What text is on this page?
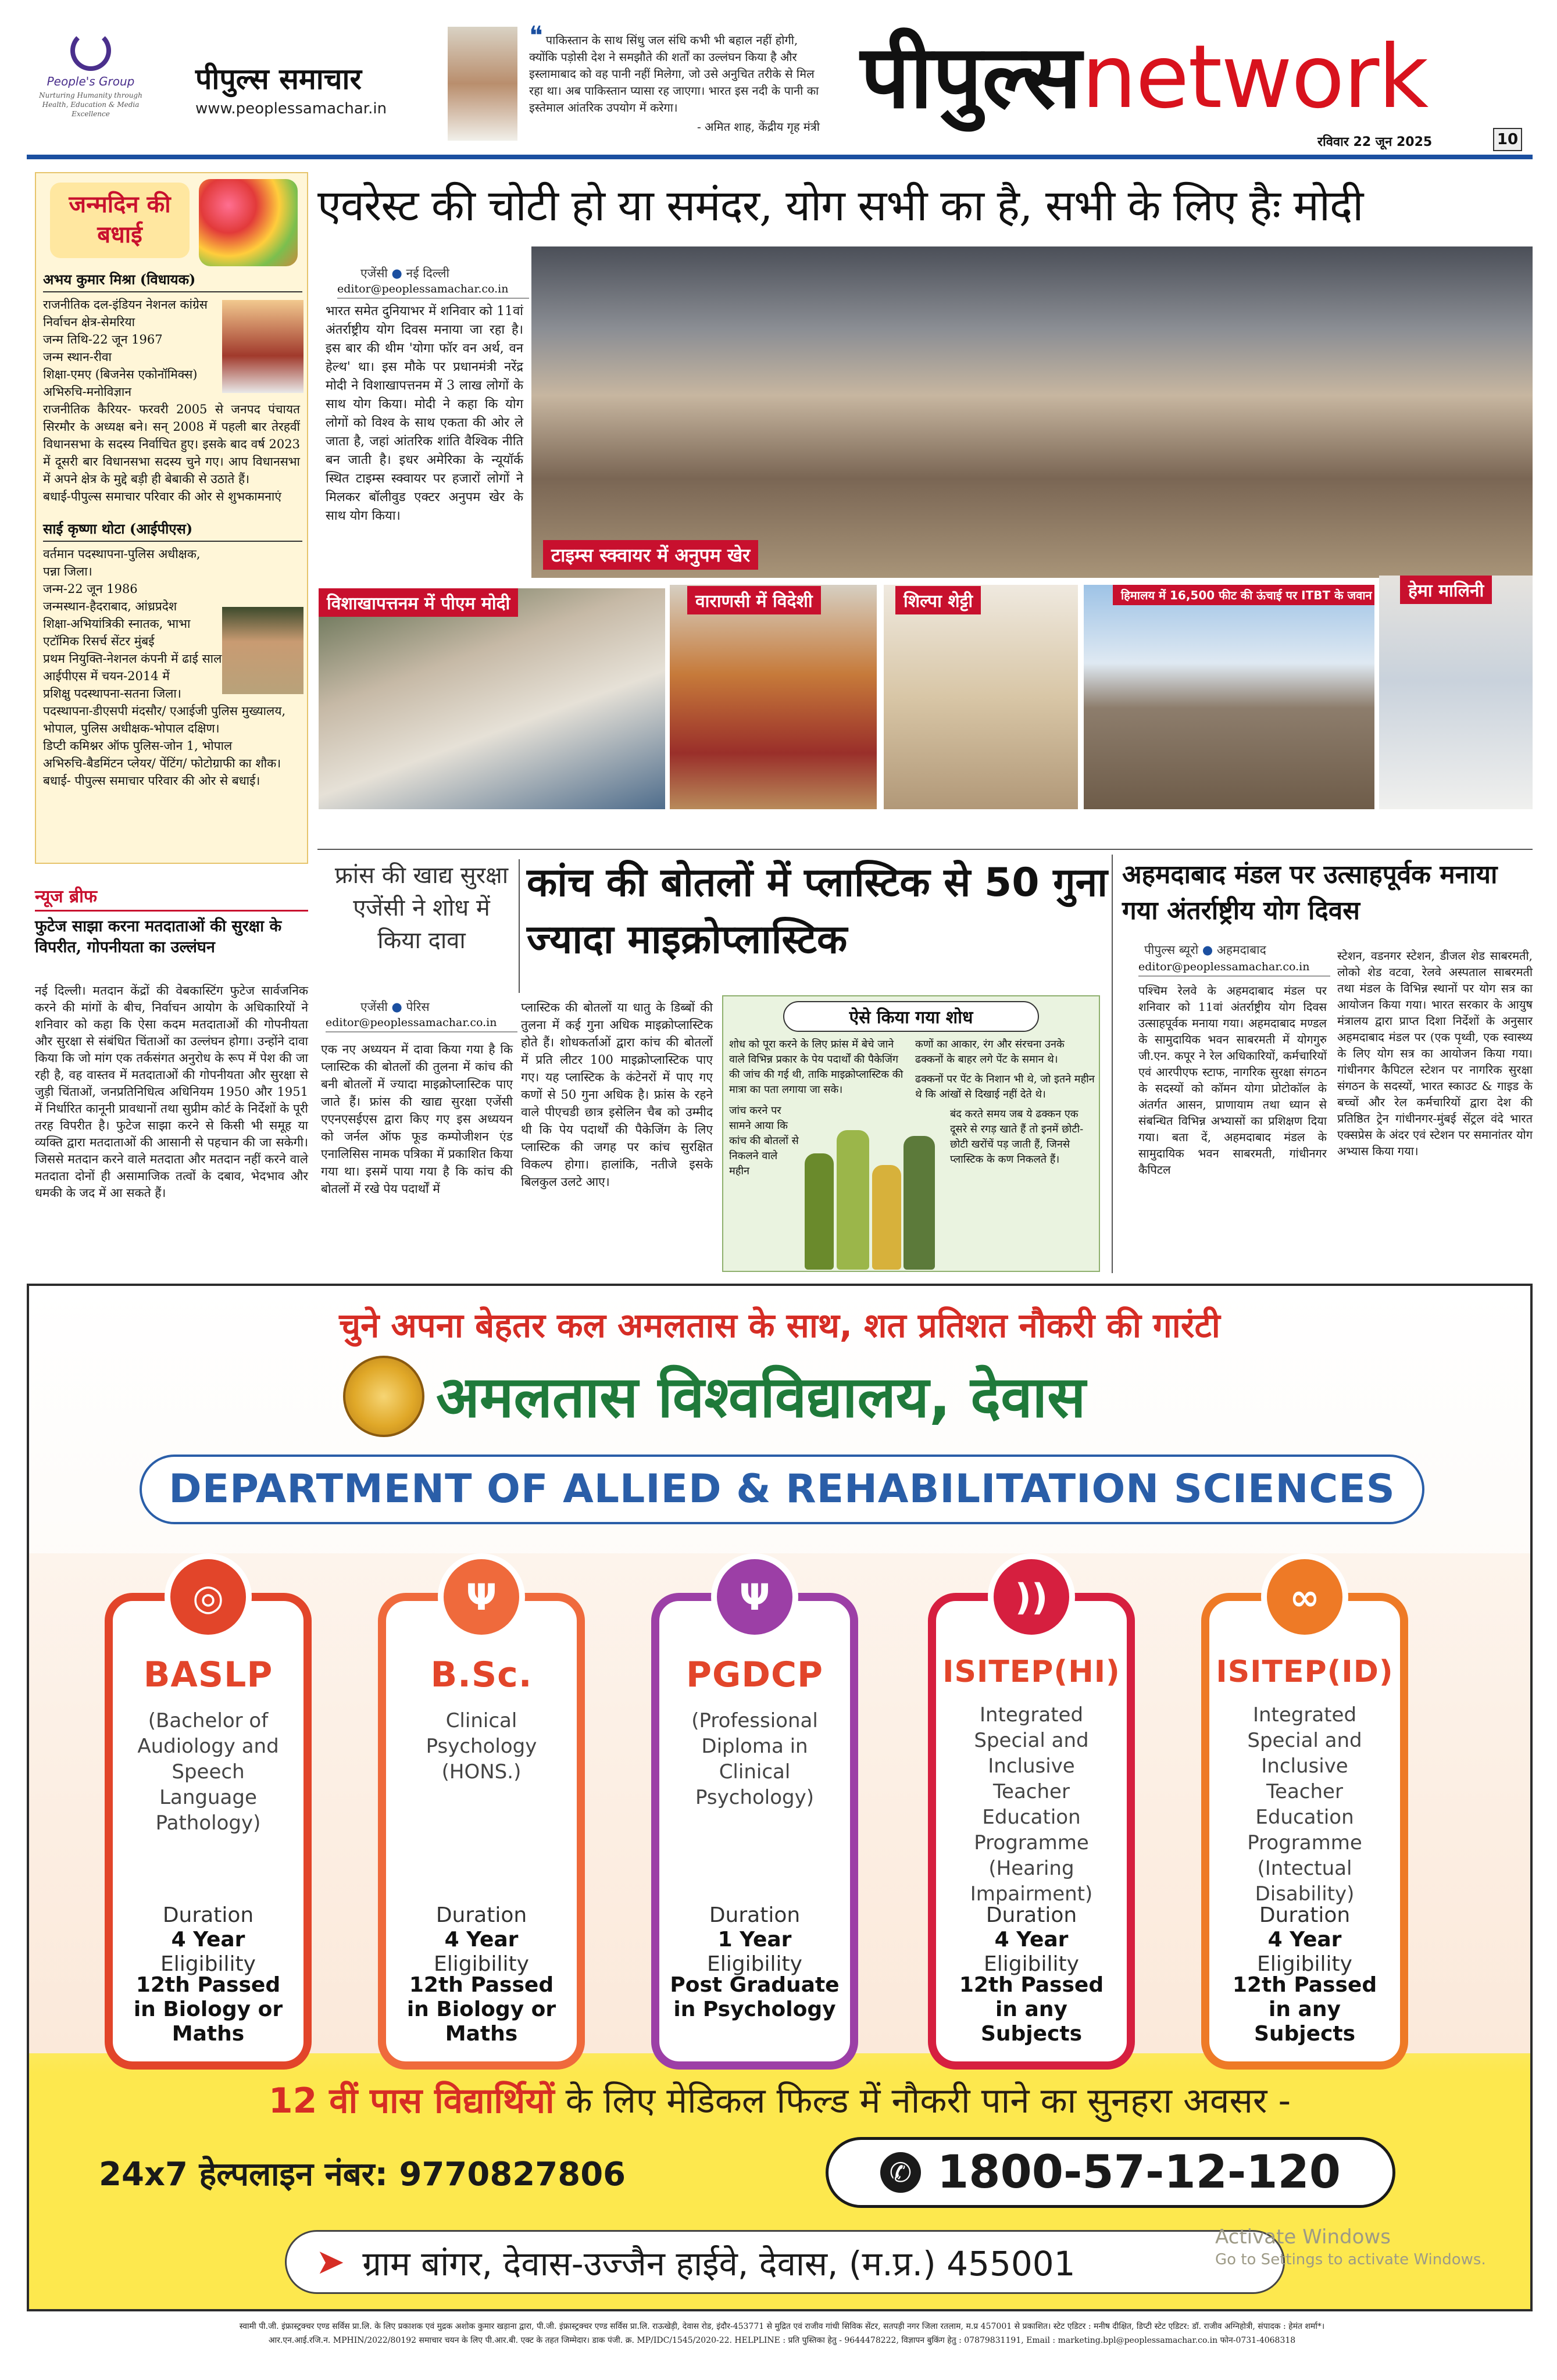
People's Group
Nurturing Humanity through Health, Education & Media Excellence
पीपुल्स समाचार
www.peoplessamachar.in
❝ पाकिस्तान के साथ सिंधु जल संधि कभी भी बहाल नहीं होगी, क्योंकि पड़ोसी देश ने समझौते की शर्तों का उल्लंघन किया है और इस्लामाबाद को वह पानी नहीं मिलेगा, जो उसे अनुचित तरीके से मिल रहा था। अब पाकिस्तान प्यासा रह जाएगा। भारत इस नदी के पानी का इस्तेमाल आंतरिक उपयोग में करेगा।
- अमित शाह, केंद्रीय गृह मंत्री पीपुल्सnetwork
रविवार 22 जून 2025	10
जन्मदिन की बधाई
अभय कुमार मिश्रा (विधायक)
राजनीतिक दल-इंडियन नेशनल कांग्रेस
निर्वाचन क्षेत्र-सेमरिया
जन्म तिथि-22 जून 1967
जन्म स्थान-रीवा
शिक्षा-एमए (बिजनेस एकोनॉमिक्स)
अभिरुचि-मनोविज्ञान
राजनीतिक कैरियर- फरवरी 2005 से जनपद पंचायत सिरमौर के अध्यक्ष बने। सन् 2008 में पहली बार तेरहवीं विधानसभा के सदस्य निर्वाचित हुए। इसके बाद वर्ष 2023 में दूसरी बार विधानसभा सदस्य चुने गए। आप विधानसभा में अपने क्षेत्र के मुद्दे बड़ी ही बेबाकी से उठाते हैं।
बधाई-पीपुल्स समाचार परिवार की ओर से शुभकामनाएं
साई कृष्णा थोटा (आईपीएस)
वर्तमान पदस्थापना-पुलिस अधीक्षक, पन्ना जिला।
जन्म-22 जून 1986
जन्मस्थान-हैदराबाद, आंध्रप्रदेश
शिक्षा-अभियांत्रिकी स्नातक, भाभा एटॉमिक रिसर्च सेंटर मुंबई
प्रथम नियुक्ति-नेशनल कंपनी में ढाई साल
आईपीएस में चयन-2014 में
प्रशिक्षु पदस्थापना-सतना जिला।
पदस्थापना-डीएसपी मंदसौर/ एआईजी पुलिस मुख्यालय, भोपाल, पुलिस अधीक्षक-भोपाल दक्षिण।
डिप्टी कमिश्नर ऑफ पुलिस-जोन 1, भोपाल
अभिरुचि-बैडमिंटन प्लेयर/ पेंटिंग/ फोटोग्राफी का शौक।
बधाई- पीपुल्स समाचार परिवार की ओर से बधाई।
न्यूज ब्रीफ
फुटेज साझा करना मतदाताओं की सुरक्षा के विपरीत, गोपनीयता का उल्लंघन
नई दिल्ली। मतदान केंद्रों की वेबकास्टिंग फुटेज सार्वजनिक करने की मांगों के बीच, निर्वाचन आयोग के अधिकारियों ने शनिवार को कहा कि ऐसा कदम मतदाताओं की गोपनीयता और सुरक्षा से संबंधित चिंताओं का उल्लंघन होगा। उन्होंने दावा किया कि जो मांग एक तर्कसंगत अनुरोध के रूप में पेश की जा रही है, वह वास्तव में मतदाताओं की गोपनीयता और सुरक्षा से जुड़ी चिंताओं, जनप्रतिनिधित्व अधिनियम 1950 और 1951 में निर्धारित कानूनी प्रावधानों तथा सुप्रीम कोर्ट के निर्देशों के पूरी तरह विपरीत है। फुटेज साझा करने से किसी भी समूह या व्यक्ति द्वारा मतदाताओं की आसानी से पहचान की जा सकेगी। जिससे मतदान करने वाले मतदाता और मतदान नहीं करने वाले मतदाता दोनों ही असामाजिक तत्वों के दबाव, भेदभाव और धमकी के जद में आ सकते हैं।
एवरेस्ट की चोटी हो या समंदर, योग सभी का है, सभी के लिए हैः मोदी
एजेंसी ● नई दिल्ली
editor@peoplessamachar.co.in
भारत समेत दुनियाभर में शनिवार को 11वां अंतर्राष्ट्रीय योग दिवस मनाया जा रहा है। इस बार की थीम 'योगा फॉर वन अर्थ, वन हेल्थ' था। इस मौके पर प्रधानमंत्री नरेंद्र मोदी ने विशाखापत्तनम में 3 लाख लोगों के साथ योग किया। मोदी ने कहा कि योग लोगों को विश्व के साथ एकता की ओर ले जाता है, जहां आंतरिक शांति वैश्विक नीति बन जाती है। इधर अमेरिका के न्यूयॉर्क स्थित टाइम्स स्क्वायर पर हजारों लोगों ने मिलकर बॉलीवुड एक्टर अनुपम खेर के साथ योग किया।
टाइम्स स्क्वायर में अनुपम खेर
विशाखापत्तनम में पीएम मोदी	वाराणसी में विदेशी	शिल्पा शेट्टी	हिमालय में 16,500 फीट की ऊंचाई पर ITBT के जवान	हेमा मालिनी
फ्रांस की खाद्य सुरक्षा एजेंसी ने शोध में किया दावा
कांच की बोतलों में प्लास्टिक से 50 गुना ज्यादा माइक्रोप्लास्टिक
एजेंसी ● पेरिस
editor@peoplessamachar.co.in
एक नए अध्ययन में दावा किया गया है कि प्लास्टिक की बोतलों की तुलना में कांच की बनी बोतलों में ज्यादा माइक्रोप्लास्टिक पाए जाते हैं। फ्रांस की खाद्य सुरक्षा एजेंसी एएनएसईएस द्वारा किए गए इस अध्ययन को जर्नल ऑफ फूड कम्पोजीशन एंड एनालिसिस नामक पत्रिका में प्रकाशित किया गया था। इसमें पाया गया है कि कांच की बोतलों में रखे पेय पदार्थों में
प्लास्टिक की बोतलों या धातु के डिब्बों की तुलना में कई गुना अधिक माइक्रोप्लास्टिक होते हैं। शोधकर्ताओं द्वारा कांच की बोतलों में प्रति लीटर 100 माइक्रोप्लास्टिक पाए गए। यह प्लास्टिक के कंटेनरों में पाए गए कणों से 50 गुना अधिक है। फ्रांस के रहने वाले पीएचडी छात्र इसेलिन चैब को उम्मीद थी कि पेय पदार्थों की पैकेजिंग के लिए प्लास्टिक की जगह पर कांच सुरक्षित विकल्प होगा। हालांकि, नतीजे इसके बिलकुल उलटे आए।
ऐसे किया गया शोध
शोध को पूरा करने के लिए फ्रांस में बेचे जाने वाले विभिन्न प्रकार के पेय पदार्थों की पैकेजिंग की जांच की गई थी, ताकि माइक्रोप्लास्टिक की मात्रा का पता लगाया जा सके।
जांच करने पर सामने आया कि कांच की बोतलों से निकलने वाले महीन
कणों का आकार, रंग और संरचना उनके ढक्कनों के बाहर लगे पेंट के समान थे।
ढक्कनों पर पेंट के निशान भी थे, जो इतने महीन थे कि आंखों से दिखाई नहीं देते थे।
बंद करते समय जब ये ढक्कन एक दूसरे से रगड़ खाते हैं तो इनमें छोटी-छोटी खरोंचें पड़ जाती हैं, जिनसे प्लास्टिक के कण निकलते हैं।
अहमदाबाद मंडल पर उत्साहपूर्वक मनाया गया अंतर्राष्ट्रीय योग दिवस
पीपुल्स ब्यूरो ● अहमदाबाद
editor@peoplessamachar.co.in
पश्चिम रेलवे के अहमदाबाद मंडल पर शनिवार को 11वां अंतर्राष्ट्रीय योग दिवस उत्साहपूर्वक मनाया गया। अहमदाबाद मण्डल के सामुदायिक भवन साबरमती में योगगुरु जी.एन. कपूर ने रेल अधिकारियों, कर्मचारियों एवं आरपीएफ स्टाफ, नागरिक सुरक्षा संगठन के सदस्यों को कॉमन योगा प्रोटोकॉल के अंतर्गत आसन, प्राणायाम तथा ध्यान से संबन्धित विभिन्न अभ्यासों का प्रशिक्षण दिया गया। बता दें, अहमदाबाद मंडल के सामुदायिक भवन साबरमती, गांधीनगर कैपिटल
स्टेशन, वडनगर स्टेशन, डीजल शेड साबरमती, लोको शेड वटवा, रेलवे अस्पताल साबरमती तथा मंडल के विभिन्न स्थानों पर योग सत्र का आयोजन किया गया। भारत सरकार के आयुष मंत्रालय द्वारा प्राप्त दिशा निर्देशों के अनुसार अहमदाबाद मंडल पर (एक पृथ्वी, एक स्वास्थ्य के लिए योग सत्र का आयोजन किया गया। गांधीनगर कैपिटल स्टेशन पर नागरिक सुरक्षा संगठन के सदस्यों, भारत स्काउट & गाइड के बच्चों और रेल कर्मचारियों द्वारा देश की प्रतिष्ठित ट्रेन गांधीनगर-मुंबई सेंट्रल वंदे भारत एक्सप्रेस के अंदर एवं स्टेशन पर समानांतर योग अभ्यास किया गया।
चुने अपना बेहतर कल अमलतास के साथ, शत प्रतिशत नौकरी की गारंटी
अमलतास विश्वविद्यालय, देवास
DEPARTMENT OF ALLIED & REHABILITATION SCIENCES
12 वीं पास विद्यार्थियों के लिए मेडिकल फिल्ड में नौकरी पाने का सुनहरा अवसर -
24x7 हेल्पलाइन नंबर: 9770827806	✆ 1800-57-12-120
➤ ग्राम बांगर, देवास-उज्जैन हाईवे, देवास, (म.प्र.) 455001
Activate Windows
Go to Settings to activate Windows.
◎
BASLP
(Bachelor of Audiology and Speech Language Pathology)
Duration
4 Year
Eligibility
12th Passed in Biology or Maths
Ψ
B.Sc.
Clinical Psychology (HONS.)
Duration
4 Year
Eligibility
12th Passed in Biology or Maths
Ψ
PGDCP
(Professional Diploma in Clinical Psychology)
Duration
1 Year
Eligibility
Post Graduate in Psychology
))
ISITEP(HI)
Integrated Special and Inclusive Teacher Education Programme (Hearing Impairment)
Duration
4 Year
Eligibility
12th Passed in any Subjects
∞
ISITEP(ID)
Integrated Special and Inclusive Teacher Education Programme (Intectual Disability)
Duration
4 Year
Eligibility
12th Passed in any Subjects
स्वामी पी.जी. इंफ्रास्ट्रक्चर एण्ड सर्विस प्रा.लि. के लिए प्रकाशक एवं मुद्रक अशोक कुमार खड़ाना द्वारा, पी.जी. इंफ्रास्ट्रक्चर एण्ड सर्विस प्रा.लि. राऊखेड़ी, देवास रोड, इंदौर-453771 से मुद्रित एवं राजीव गांधी सिविक सेंटर, सतपड़ी नगर जिला रतलाम, म.प्र 457001 से प्रकाशित। स्टेट एडिटर : मनीष दीक्षित, डिप्टी स्टेट एडिटर: डॉ. राजीव अग्निहोत्री, संपादक : हेमंत शर्मा*।
आर.एन.आई.रजि.न. MPHIN/2022/80192 समाचार चयन के लिए पी.आर.बी. एक्ट के तहत जिम्मेदार। डाक पंजी. क्र. MP/IDC/1545/2020-22. HELPLINE : प्रति पुस्तिका हेतु - 9644478222, विज्ञापन बुकिंग हेतु : 07879831191, Email : marketing.bpl@peoplessamachar.co.in फोन-0731-4068318
